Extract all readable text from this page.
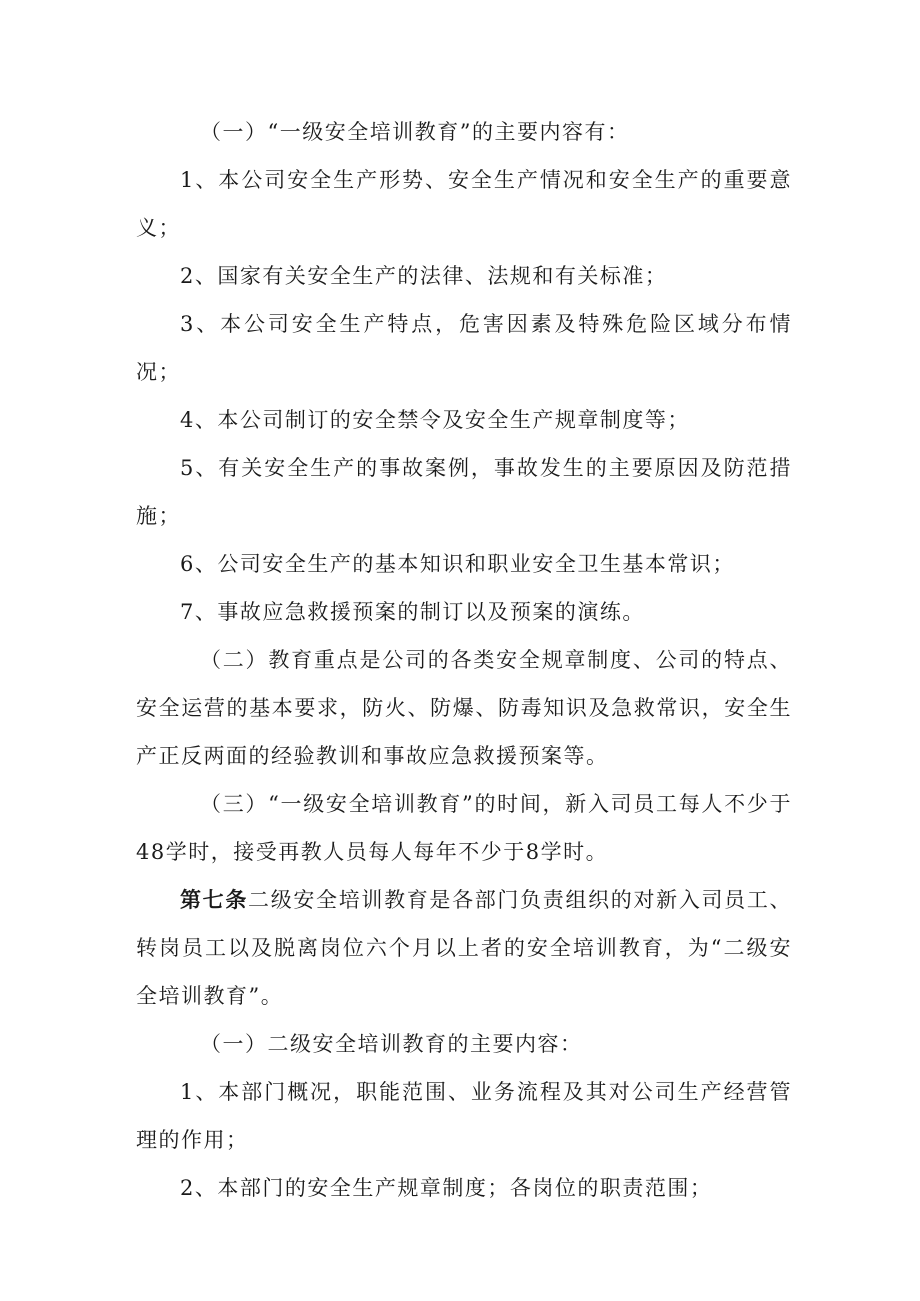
（一）“一级安全培训教育”的主要内容有：

1、本公司安全生产形势、安全生产情况和安全生产的重要意义；

2、国家有关安全生产的法律、法规和有关标准；

3、本公司安全生产特点，危害因素及特殊危险区域分布情况；

4、本公司制订的安全禁令及安全生产规章制度等；

5、有关安全生产的事故案例，事故发生的主要原因及防范措施；

6、公司安全生产的基本知识和职业安全卫生基本常识；

7、事故应急救援预案的制订以及预案的演练。

（二）教育重点是公司的各类安全规章制度、公司的特点、安全运营的基本要求，防火、防爆、防毒知识及急救常识，安全生产正反两面的经验教训和事故应急救援预案等。

（三）“一级安全培训教育”的时间，新入司员工每人不少于48学时，接受再教人员每人每年不少于8学时。

第七条二级安全培训教育是各部门负责组织的对新入司员工、转岗员工以及脱离岗位六个月以上者的安全培训教育，为“二级安全培训教育”。

（一）二级安全培训教育的主要内容：

1、本部门概况，职能范围、业务流程及其对公司生产经营管理的作用；

2、本部门的安全生产规章制度；各岗位的职责范围；
